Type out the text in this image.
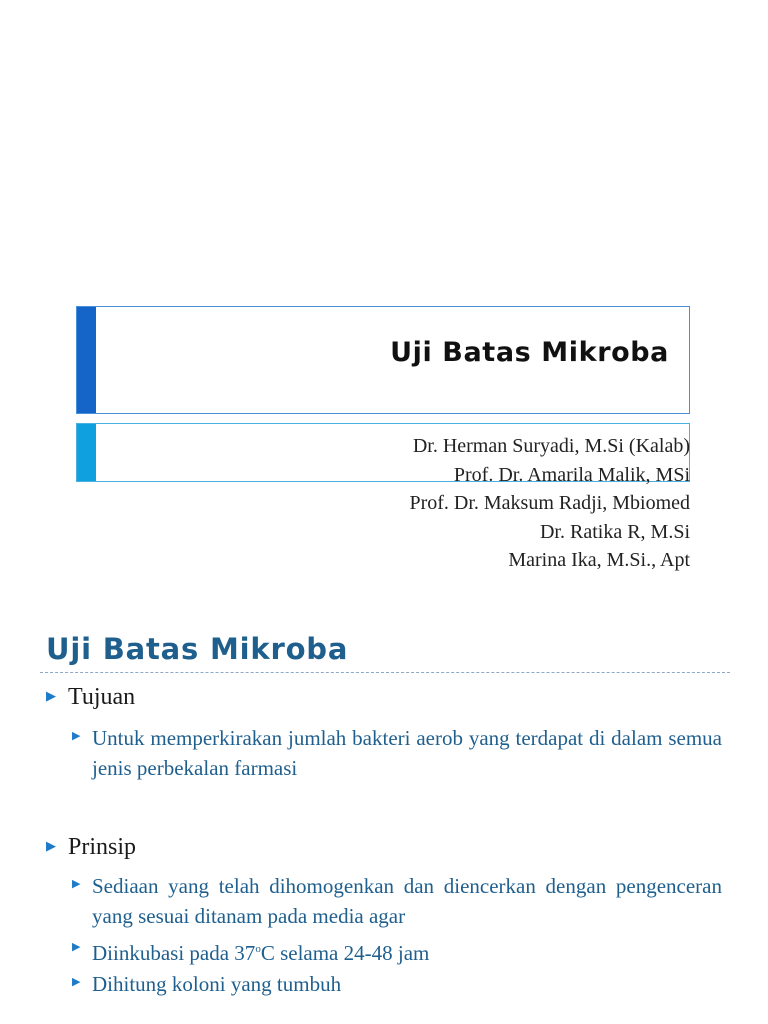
Uji Batas Mikroba
Dr. Herman Suryadi, M.Si (Kalab)
Prof. Dr. Amarila Malik, MSi
Prof. Dr. Maksum Radji, Mbiomed
Dr. Ratika R, M.Si
Marina Ika, M.Si., Apt
Uji Batas Mikroba
▶ Tujuan
▶ Untuk memperkirakan jumlah bakteri aerob yang terdapat di dalam semua jenis perbekalan farmasi
▶ Prinsip
▶ Sediaan yang telah dihomogenkan dan diencerkan dengan pengenceran yang sesuai ditanam pada media agar
▶ Diinkubasi pada 37$^o$C selama 24-48 jam
▶ Dihitung koloni yang tumbuh
